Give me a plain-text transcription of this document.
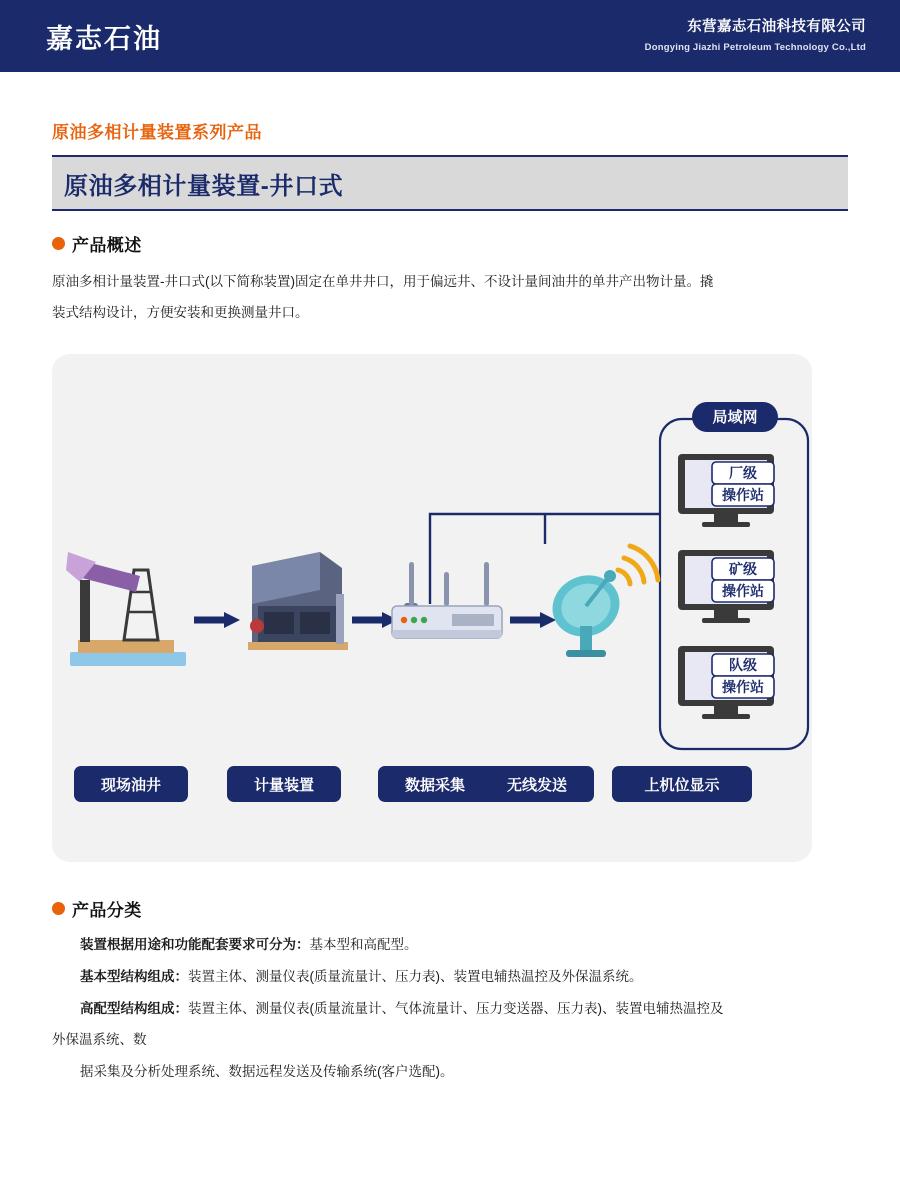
嘉志石油	东营嘉志石油科技有限公司
Dongying Jiazhi Petroleum Technology Co.,Ltd
原油多相计量装置系列产品
原油多相计量装置-井口式
产品概述
原油多相计量装置-井口式(以下简称装置)固定在单井井口，用于偏远井、不设计量间油井的单井产出物计量。撬
装式结构设计，方便安装和更换测量井口。
局域网
厂级
操作站
矿级
操作站
队级
操作站
现场油井	计量装置	数据采集	无线发送	上机位显示
产品分类
装置根据用途和功能配套要求可分为：基本型和高配型。
基本型结构组成：装置主体、测量仪表(质量流量计、压力表)、装置电辅热温控及外保温系统。
高配型结构组成：装置主体、测量仪表(质量流量计、气体流量计、压力变送器、压力表)、装置电辅热温控及
外保温系统、数
据采集及分析处理系统、数据远程发送及传输系统(客户选配)。
